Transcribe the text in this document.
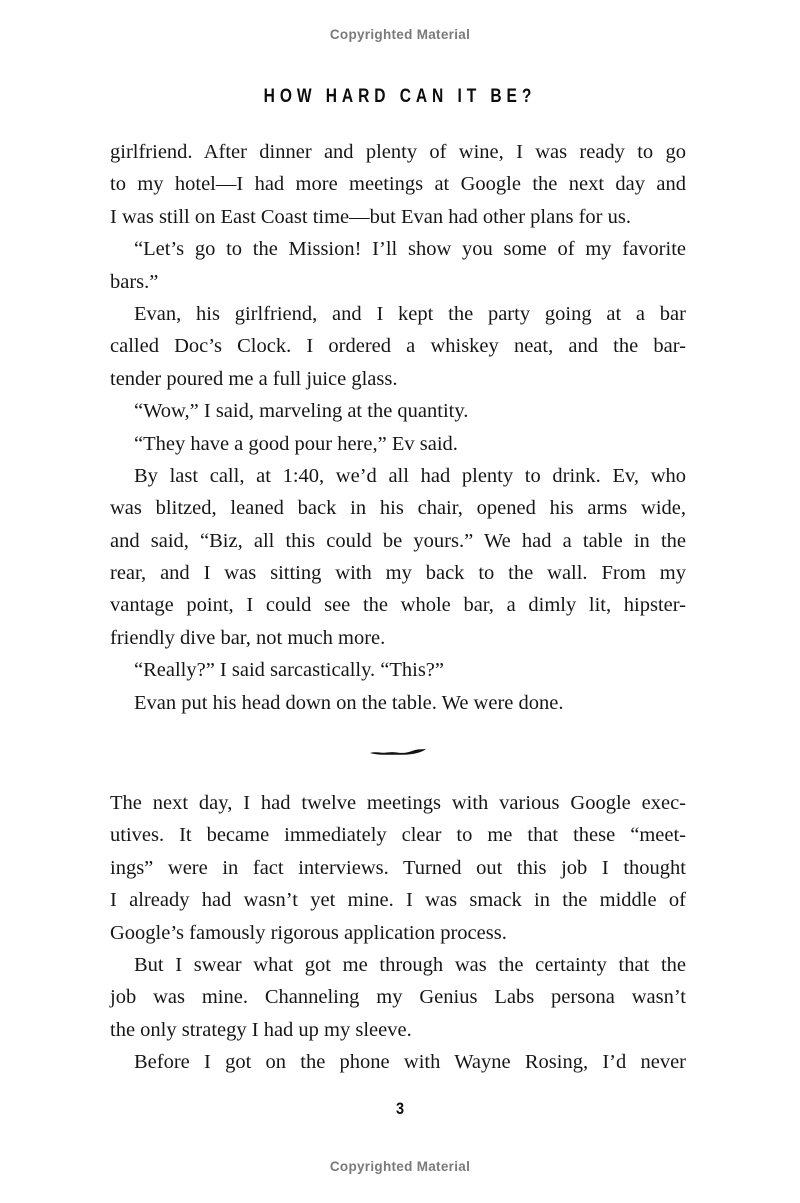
Copyrighted Material
HOW HARD CAN IT BE?
girlfriend. After dinner and plenty of wine, I was ready to go
to my hotel—I had more meetings at Google the next day and
I was still on East Coast time—but Evan had other plans for us.
“Let’s go to the Mission! I’ll show you some of my favorite
bars.”
Evan, his girlfriend, and I kept the party going at a bar
called Doc’s Clock. I ordered a whiskey neat, and the bar-
tender poured me a full juice glass.
“Wow,” I said, marveling at the quantity.
“They have a good pour here,” Ev said.
By last call, at 1:40, we’d all had plenty to drink. Ev, who
was blitzed, leaned back in his chair, opened his arms wide,
and said, “Biz, all this could be yours.” We had a table in the
rear, and I was sitting with my back to the wall. From my
vantage point, I could see the whole bar, a dimly lit, hipster-
friendly dive bar, not much more.
“Really?” I said sarcastically. “This?”
Evan put his head down on the table. We were done.
The next day, I had twelve meetings with various Google exec-
utives. It became immediately clear to me that these “meet-
ings” were in fact interviews. Turned out this job I thought
I already had wasn’t yet mine. I was smack in the middle of
Google’s famously rigorous application process.
But I swear what got me through was the certainty that the
job was mine. Channeling my Genius Labs persona wasn’t
the only strategy I had up my sleeve.
Before I got on the phone with Wayne Rosing, I’d never
3
Copyrighted Material
